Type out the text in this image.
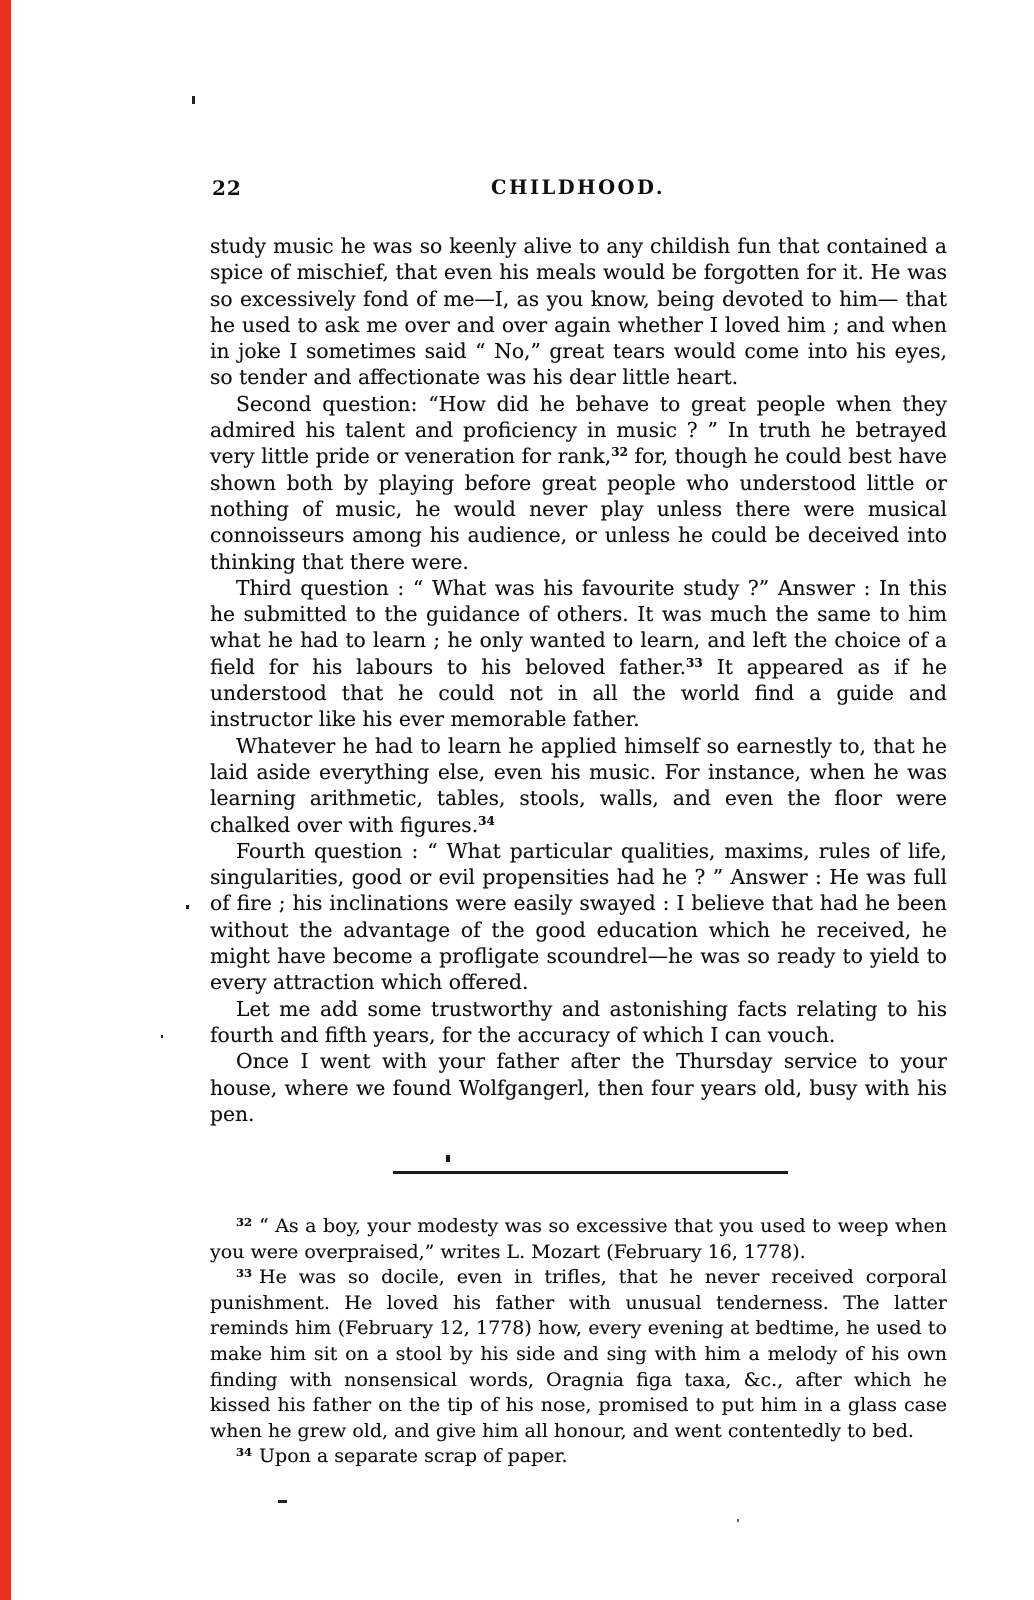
22	CHILDHOOD.

study music he was so keenly alive to any childish fun that contained a spice of mischief, that even his meals would be forgotten for it. He was so excessively fond of me—I, as you know, being devoted to him— that he used to ask me over and over again whether I loved him ; and when in joke I sometimes said “ No,” great tears would come into his eyes, so tender and affectionate was his dear little heart.

Second question: “How did he behave to great people when they admired his talent and proficiency in music ? ” In truth he betrayed very little pride or veneration for rank,$^{32}$ for, though he could best have shown both by playing before great people who understood little or nothing of music, he would never play unless there were musical connoisseurs among his audience, or unless he could be deceived into thinking that there were.

Third question : “ What was his favourite study ?” Answer : In this he submitted to the guidance of others. It was much the same to him what he had to learn ; he only wanted to learn, and left the choice of a field for his labours to his beloved father.$^{33}$ It appeared as if he understood that he could not in all the world find a guide and instructor like his ever memorable father.

Whatever he had to learn he applied himself so earnestly to, that he laid aside everything else, even his music. For instance, when he was learning arithmetic, tables, stools, walls, and even the floor were chalked over with figures.$^{34}$

Fourth question : “ What particular qualities, maxims, rules of life, singularities, good or evil propensities had he ? ” Answer : He was full of fire ; his inclinations were easily swayed : I believe that had he been without the advantage of the good education which he received, he might have become a profligate scoundrel—he was so ready to yield to every attraction which offered.

Let me add some trustworthy and astonishing facts relating to his fourth and fifth years, for the accuracy of which I can vouch.

Once I went with your father after the Thursday service to your house, where we found Wolfgangerl, then four years old, busy with his pen.

$^{32}$ “ As a boy, your modesty was so excessive that you used to weep when you were overpraised,” writes L. Mozart (February 16, 1778).

$^{33}$ He was so docile, even in trifles, that he never received corporal punishment. He loved his father with unusual tenderness. The latter reminds him (February 12, 1778) how, every evening at bedtime, he used to make him sit on a stool by his side and sing with him a melody of his own finding with nonsensical words, Oragnia figa taxa, &c., after which he kissed his father on the tip of his nose, promised to put him in a glass case when he grew old, and give him all honour, and went contentedly to bed.

$^{34}$ Upon a separate scrap of paper.
